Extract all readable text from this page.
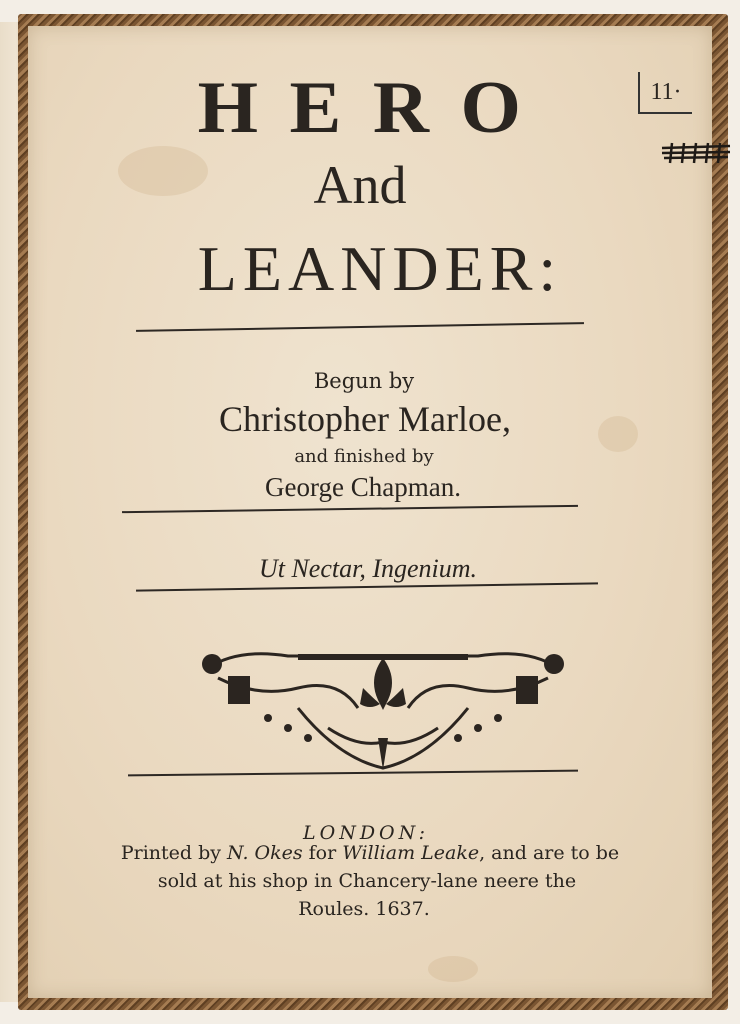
11·
HERO
And
LEANDER:
Begun by
Christopher Marloe,
and finished by
George Chapman.
Ut Nectar, Ingenium.
LONDON:
Printed by N. Okes for William Leake, and are to be
sold at his shop in Chancery-lane neere the
Roules. 1637.
